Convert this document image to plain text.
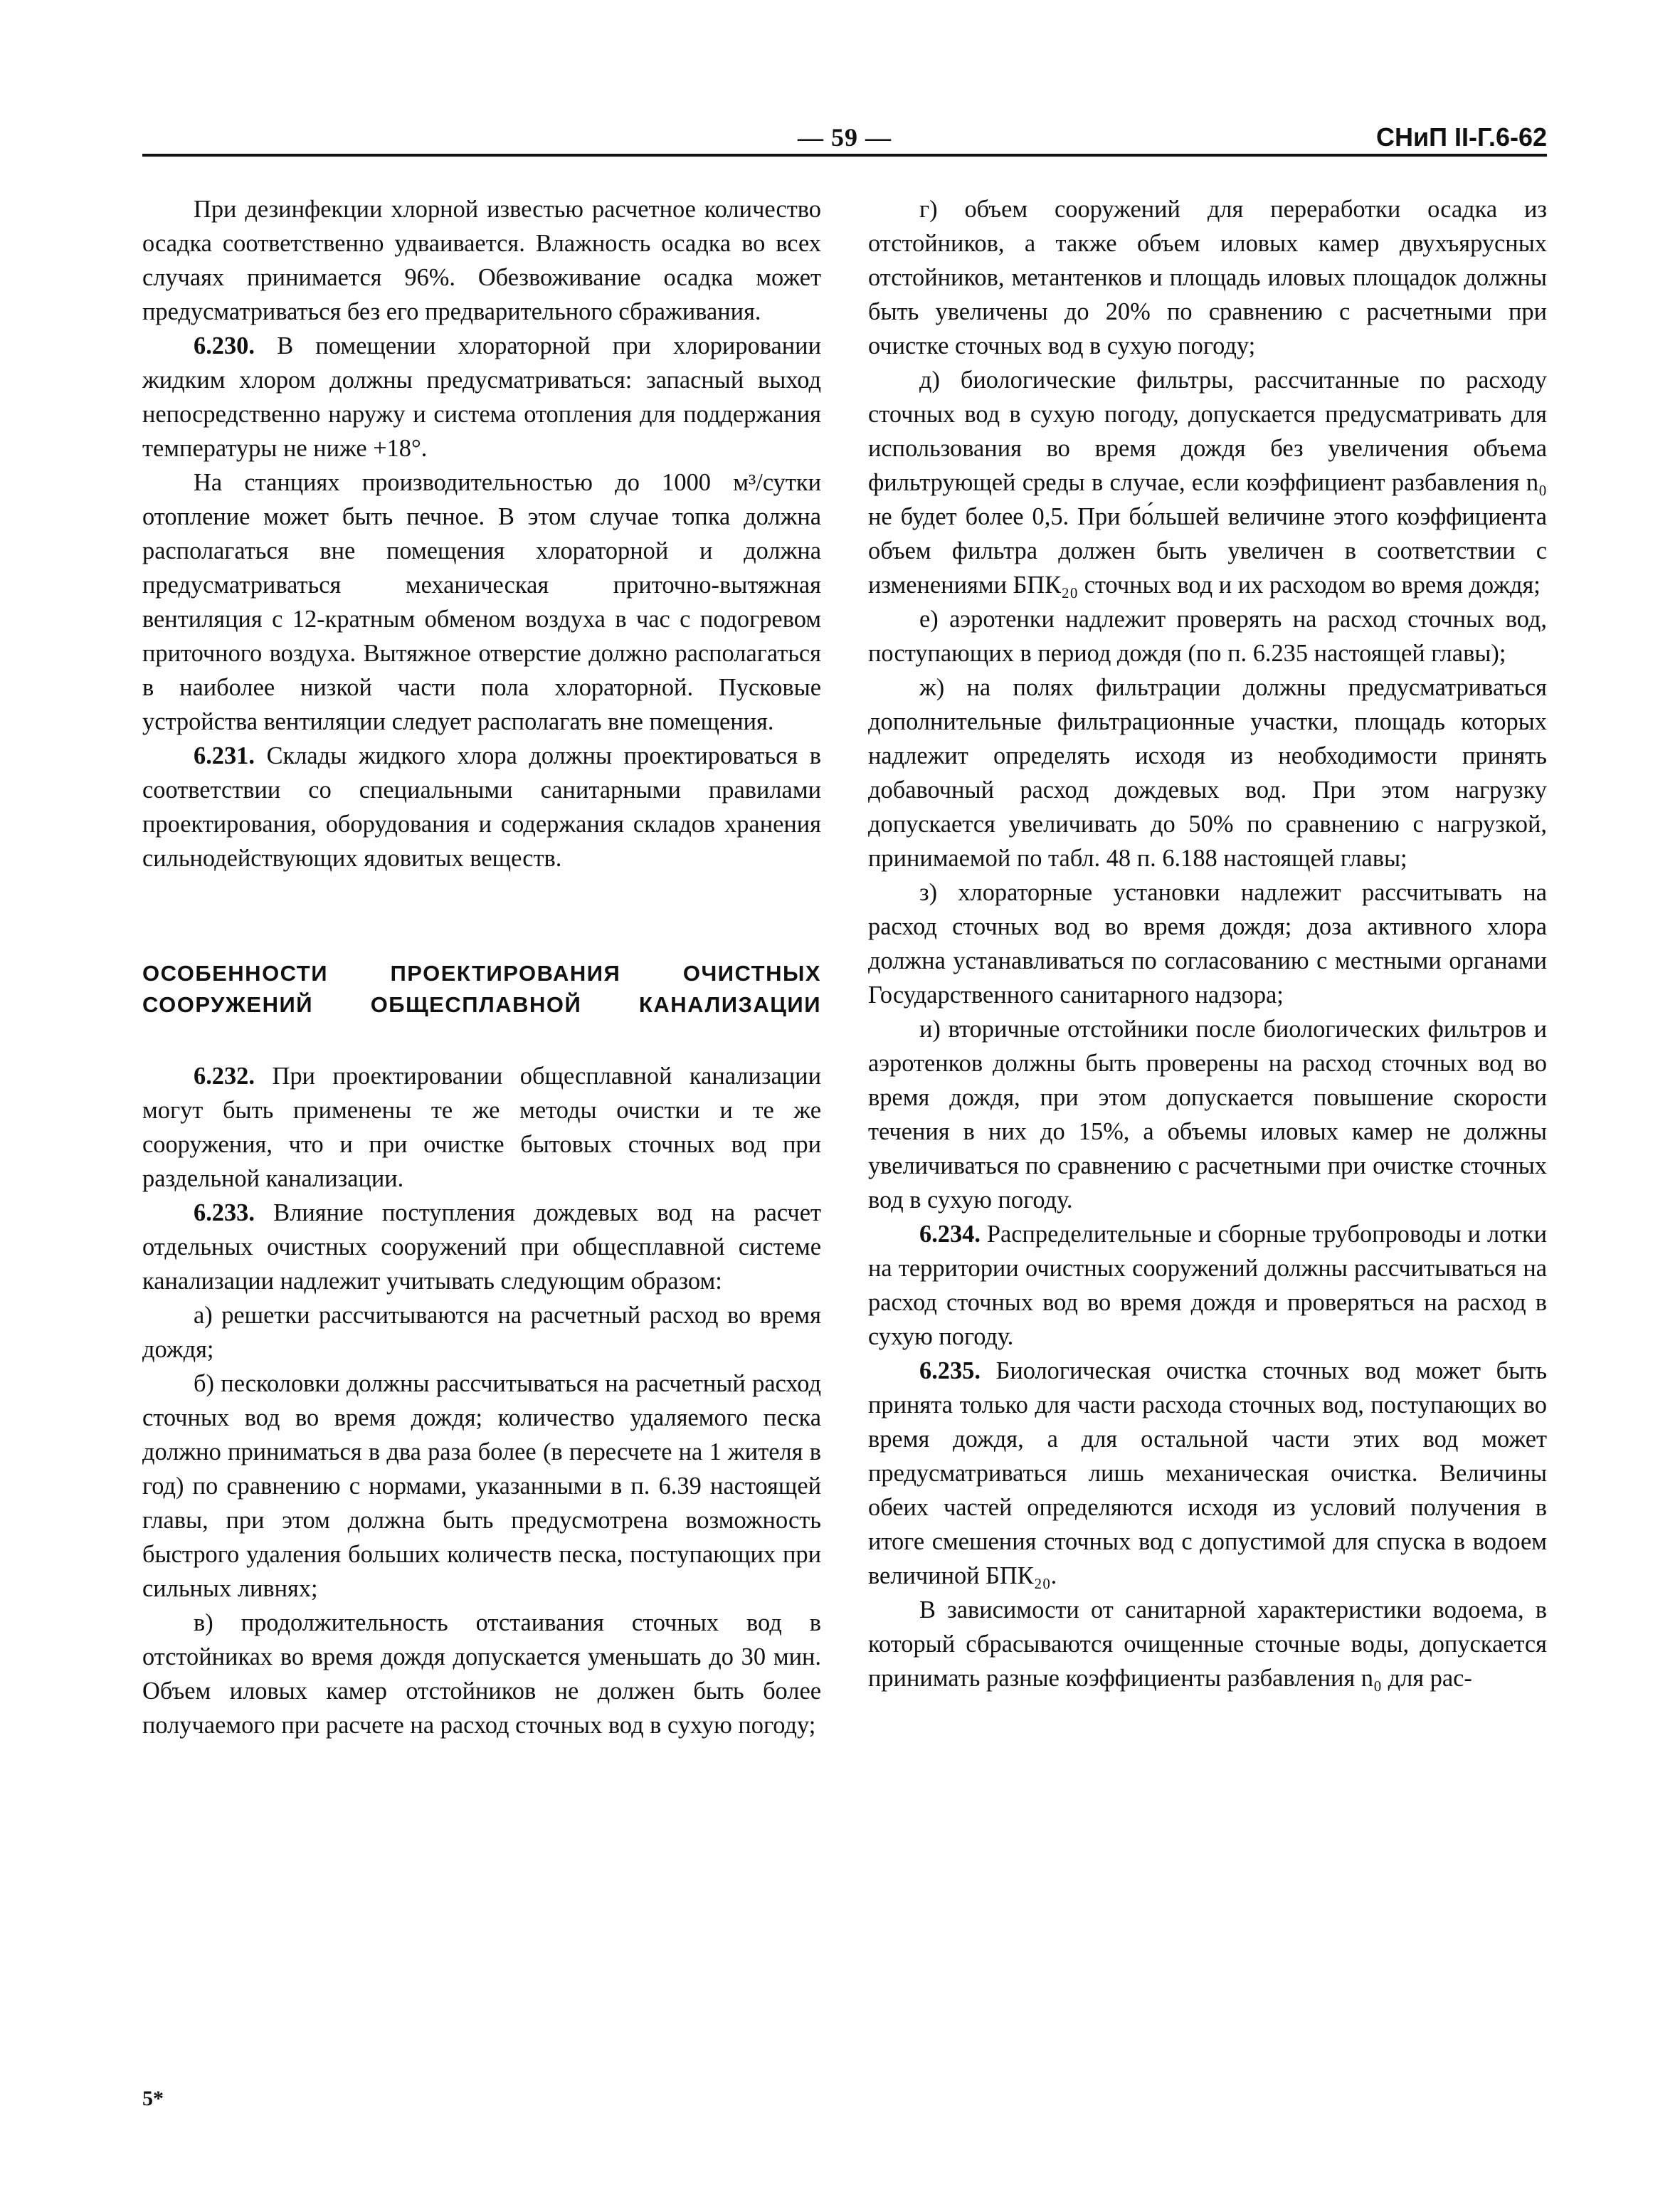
— 59 —	СНиП II-Г.6-62

При дезинфекции хлорной известью расчетное количество осадка соответственно удваивается. Влажность осадка во всех случаях принимается 96%. Обезвоживание осадка может предусматриваться без его предварительного сбраживания.

6.230. В помещении хлораторной при хлорировании жидким хлором должны предусматриваться: запасный выход непосредственно наружу и система отопления для поддержания температуры не ниже +18°.

На станциях производительностью до 1000 м³/сутки отопление может быть печное. В этом случае топка должна располагаться вне помещения хлораторной и должна предусматриваться механическая приточно-вытяжная вентиляция с 12-кратным обменом воздуха в час с подогревом приточного воздуха. Вытяжное отверстие должно располагаться в наиболее низкой части пола хлораторной. Пусковые устройства вентиляции следует располагать вне помещения.

6.231. Склады жидкого хлора должны проектироваться в соответствии со специальными санитарными правилами проектирования, оборудования и содержания складов хранения сильнодействующих ядовитых веществ.

ОСОБЕННОСТИ ПРОЕКТИРОВАНИЯ ОЧИСТНЫХ
СООРУЖЕНИЙ ОБЩЕСПЛАВНОЙ КАНАЛИЗАЦИИ

6.232. При проектировании общесплавной канализации могут быть применены те же методы очистки и те же сооружения, что и при очистке бытовых сточных вод при раздельной канализации.

6.233. Влияние поступления дождевых вод на расчет отдельных очистных сооружений при общесплавной системе канализации надлежит учитывать следующим образом:

а) решетки рассчитываются на расчетный расход во время дождя;

б) песколовки должны рассчитываться на расчетный расход сточных вод во время дождя; количество удаляемого песка должно приниматься в два раза более (в пересчете на 1 жителя в год) по сравнению с нормами, указанными в п. 6.39 настоящей главы, при этом должна быть предусмотрена возможность быстрого удаления больших количеств песка, поступающих при сильных ливнях;

в) продолжительность отстаивания сточных вод в отстойниках во время дождя допускается уменьшать до 30 мин. Объем иловых камер отстойников не должен быть более получаемого при расчете на расход сточных вод в сухую погоду;

г) объем сооружений для переработки осадка из отстойников, а также объем иловых камер двухъярусных отстойников, метантенков и площадь иловых площадок должны быть увеличены до 20% по сравнению с расчетными при очистке сточных вод в сухую погоду;

д) биологические фильтры, рассчитанные по расходу сточных вод в сухую погоду, допускается предусматривать для использования во время дождя без увеличения объема фильтрующей среды в случае, если коэффициент разбавления n₀ не будет более 0,5. При бо́льшей величине этого коэффициента объем фильтра должен быть увеличен в соответствии с изменениями БПК₂₀ сточных вод и их расходом во время дождя;

е) аэротенки надлежит проверять на расход сточных вод, поступающих в период дождя (по п. 6.235 настоящей главы);

ж) на полях фильтрации должны предусматриваться дополнительные фильтрационные участки, площадь которых надлежит определять исходя из необходимости принять добавочный расход дождевых вод. При этом нагрузку допускается увеличивать до 50% по сравнению с нагрузкой, принимаемой по табл. 48 п. 6.188 настоящей главы;

з) хлораторные установки надлежит рассчитывать на расход сточных вод во время дождя; доза активного хлора должна устанавливаться по согласованию с местными органами Государственного санитарного надзора;

и) вторичные отстойники после биологических фильтров и аэротенков должны быть проверены на расход сточных вод во время дождя, при этом допускается повышение скорости течения в них до 15%, а объемы иловых камер не должны увеличиваться по сравнению с расчетными при очистке сточных вод в сухую погоду.

6.234. Распределительные и сборные трубопроводы и лотки на территории очистных сооружений должны рассчитываться на расход сточных вод во время дождя и проверяться на расход в сухую погоду.

6.235. Биологическая очистка сточных вод может быть принята только для части расхода сточных вод, поступающих во время дождя, а для остальной части этих вод может предусматриваться лишь механическая очистка. Величины обеих частей определяются исходя из условий получения в итоге смешения сточных вод с допустимой для спуска в водоем величиной БПК₂₀.

В зависимости от санитарной характеристики водоема, в который сбрасываются очищенные сточные воды, допускается принимать разные коэффициенты разбавления n₀ для рас-

5*
